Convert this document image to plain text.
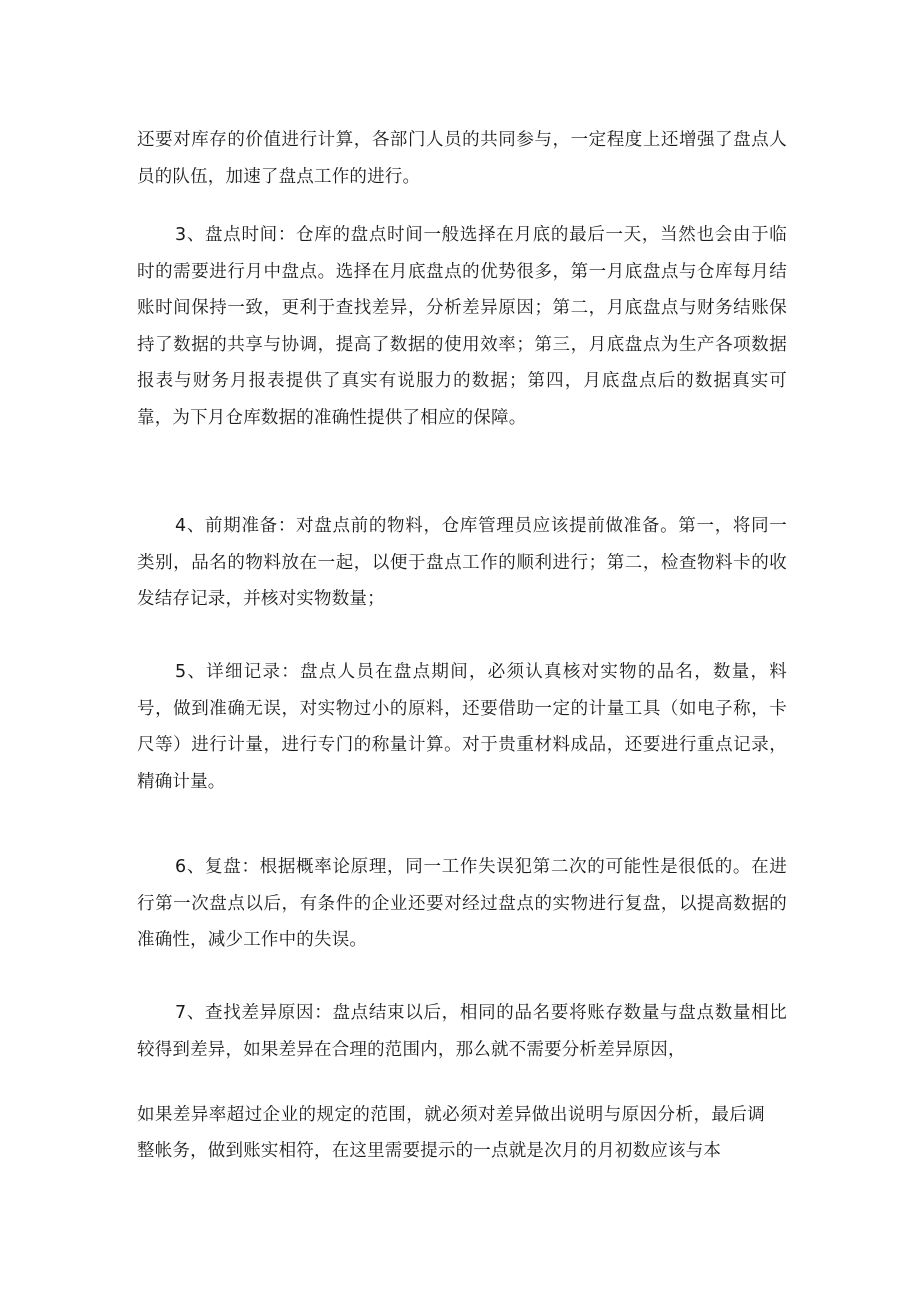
还要对库存的价值进行计算，各部门人员的共同参与，一定程度上还增强了盘点人员的队伍，加速了盘点工作的进行。

3、盘点时间：仓库的盘点时间一般选择在月底的最后一天，当然也会由于临时的需要进行月中盘点。选择在月底盘点的优势很多，第一月底盘点与仓库每月结账时间保持一致，更利于查找差异，分析差异原因；第二，月底盘点与财务结账保持了数据的共享与协调，提高了数据的使用效率；第三，月底盘点为生产各项数据报表与财务月报表提供了真实有说服力的数据；第四，月底盘点后的数据真实可靠，为下月仓库数据的准确性提供了相应的保障。

4、前期准备：对盘点前的物料，仓库管理员应该提前做准备。第一，将同一类别，品名的物料放在一起，以便于盘点工作的顺利进行；第二，检查物料卡的收发结存记录，并核对实物数量；

5、详细记录：盘点人员在盘点期间，必须认真核对实物的品名，数量，料号，做到准确无误，对实物过小的原料，还要借助一定的计量工具（如电子称，卡尺等）进行计量，进行专门的称量计算。对于贵重材料成品，还要进行重点记录，精确计量。

6、复盘：根据概率论原理，同一工作失误犯第二次的可能性是很低的。在进行第一次盘点以后，有条件的企业还要对经过盘点的实物进行复盘，以提高数据的准确性，减少工作中的失误。

7、查找差异原因：盘点结束以后，相同的品名要将账存数量与盘点数量相比较得到差异，如果差异在合理的范围内，那么就不需要分析差异原因，

如果差异率超过企业的规定的范围，就必须对差异做出说明与原因分析，最后调整帐务，做到账实相符，在这里需要提示的一点就是次月的月初数应该与本
